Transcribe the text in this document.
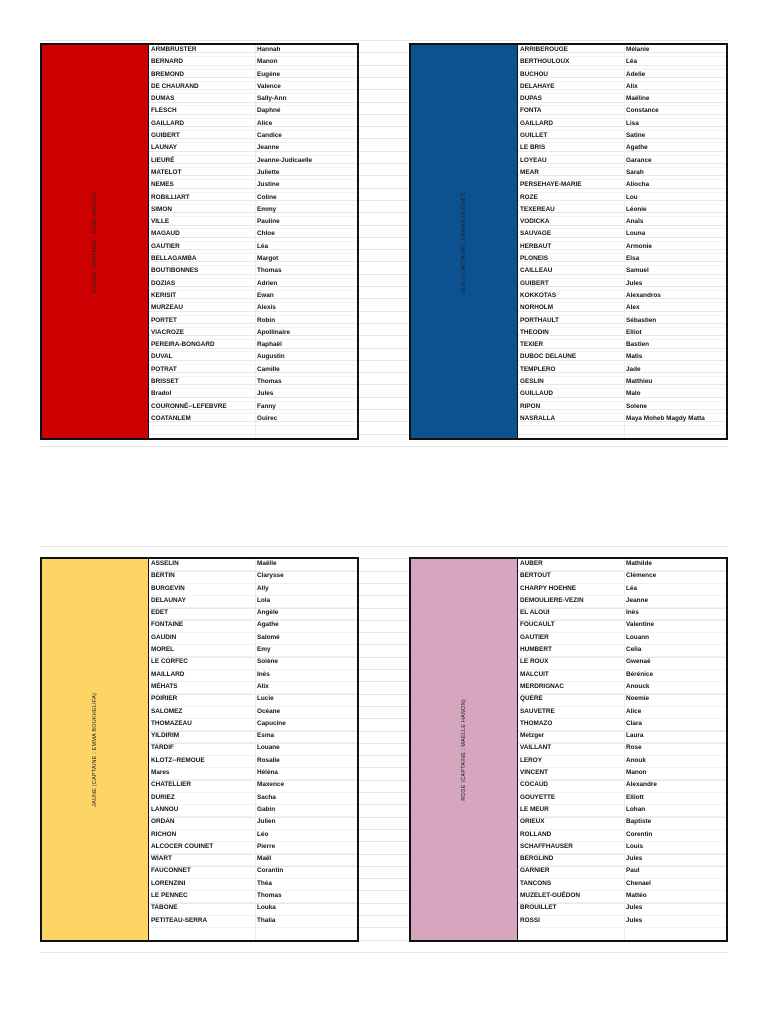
ROUGE (CAPTAINE : TOMA ONCHIC)
ARMBRUSTER	Hannah
BERNARD	Manon
BREMOND	Eugène
DE CHAURAND	Valence
DUMAS	Sally-Ann
FLESCH	Daphné
GAILLARD	Alice
GUIBERT	Candice
LAUNAY	Jeanne
LIEURÉ	Jeanne-Judicaelle
MATELOT	Juliette
NEMES	Justine
ROBILLIART	Coline
SIMON	Emmy
VILLE	Pauline
MAGAUD	Chloe
GAUTIER	Léa
BELLAGAMBA	Margot
BOUTIBONNES	Thomas
DOZIAS	Adrien
KERISIT	Ewan
MURZEAU	Alexis
PORTET	Robin
VIACROZE	Apollinaire
PEREIRA-BONGARD	Raphaël
DUVAL	Augustin
POTRAT	Camille
BRISSET	Thomas
Bradol	Jules
COURONNÉ--LEFEBVRE	Fanny
COATANLEM	Guirec
BLEU (CAPTAINE : ERWAN HUCHET)
ARRIBEROUGE	Mélanie
BERTHOULOUX	Léa
BUCHOU	Adelie
DELAHAYE	Alix
DUPAS	Maëline
FONTA	Constance
GAILLARD	Lisa
GUILLET	Satine
LE BRIS	Agathe
LOYEAU	Garance
MEAR	Sarah
PERSEHAYE-MARIE	Aliocha
ROZE	Lou
TEXEREAU	Léonie
VODICKA	Anaïs
SAUVAGE	Louna
HERBAUT	Armonie
PLONEIS	Elsa
CAILLEAU	Samuel
GUIBERT	Jules
KOKKOTAS	Alexandros
NORHOLM	Alex
PORTHAULT	Sébastien
THEODIN	Elliot
TEXIER	Bastien
DUBOC DELAUNE	Matis
TEMPLERO	Jade
GESLIN	Matthieu
GUILLAUD	Malo
RIPON	Solene
NASRALLA	Maya Moheb Magdy Matta
JAUNE (CAPTAINE : EMMA BOUKHELIFA)
ASSELIN	Maëlle
BERTIN	Clarysse
BURGEVIN	Ally
DELAUNAY	Lola
EDET	Angèle
FONTAINE	Agathe
GAUDIN	Salomé
MOREL	Emy
LE CORFEC	Solène
MAILLARD	Inès
MÉHATS	Alix
POIRIER	Lucie
SALOMEZ	Océane
THOMAZEAU	Capucine
YILDIRIM	Esma
TARDIF	Louane
KLOTZ--REMOUE	Rosalie
Mares	Hélèna
CHATELLIER	Maxence
DURIEZ	Sacha
LANNOU	Gabin
ORDAN	Julien
RICHON	Léo
ALCOCER COUINET	Pierre
WIART	Maël
FAUCONNET	Corantin
LORENZINI	Théa
LE PENNEC	Thomas
TABONE	Louka
PETITEAU-SERRA	Thalia
ROSE (CAPTAINE : MAELLE HANON)
AUBER	Mathilde
BERTOUT	Clémence
CHARPY HOEHNE	Léa
DEMOULIERE-VEZIN	Jeanne
EL ALOUI	Inès
FOUCAULT	Valentine
GAUTIER	Louann
HUMBERT	Celia
LE ROUX	Gwenaé
MALCUIT	Bérénice
MERDRIGNAC	Anouck
QUERE	Noemie
SAUVETRE	Alice
THOMAZO	Clara
Metzger	Laura
VAILLANT	Rose
LEROY	Anouk
VINCENT	Manon
COCAUD	Alexandre
GOUYETTE	Elliott
LE MEUR	Lohan
ORIEUX	Baptiste
ROLLAND	Corentin
SCHAFFHAUSER	Louis
BERGLIND	Jules
GARNIER	Paul
TANCONS	Chenael
MUZELET-GUÉDON	Mattéo
BROUILLET	Jules
ROSSI	Jules
